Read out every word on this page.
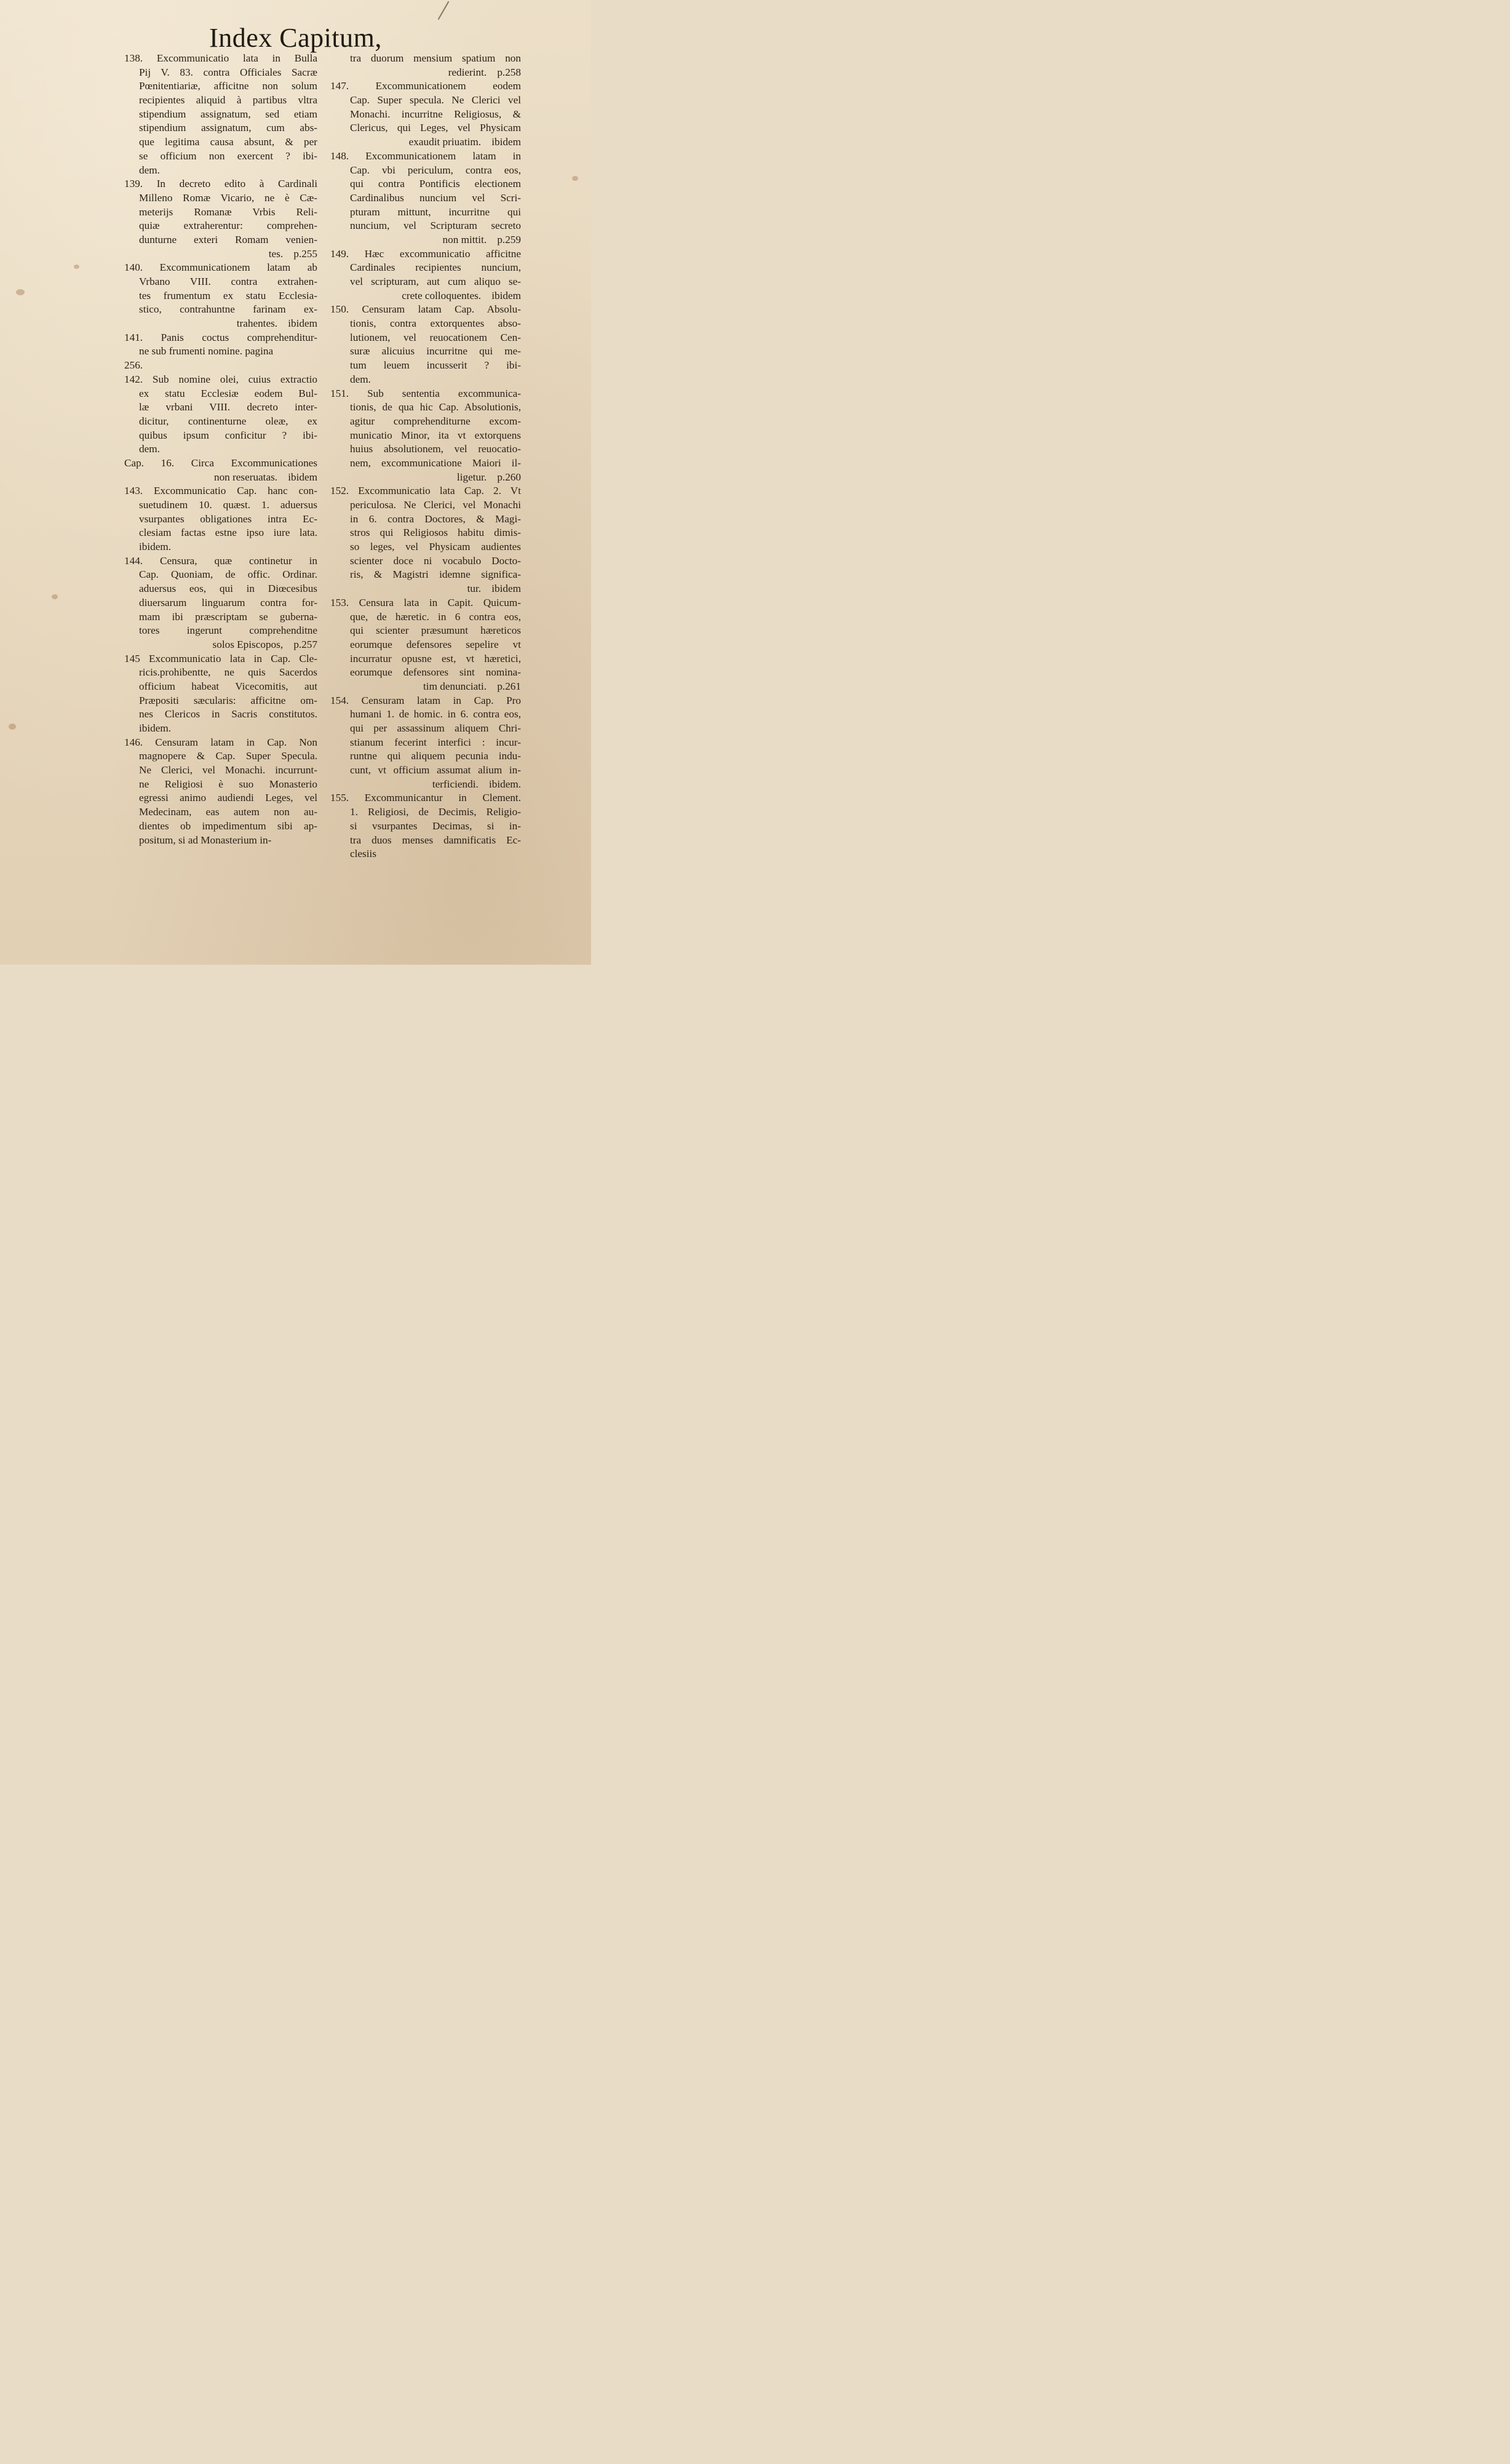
Index Capitum,
138. Excommunicatio lata in Bulla
Pij V. 83. contra Officiales Sacræ
Pœnitentiariæ, afficitne non solum
recipientes aliquid à partibus vltra
stipendium assignatum, sed etiam
stipendium assignatum, cum abs-
que legitima causa absunt, & per
se officium non exercent ? ibi-
dem.
139. In decreto edito à Cardinali
Milleno Romæ Vicario, ne è Cæ-
meterijs Romanæ Vrbis Reli-
quiæ extraherentur: comprehen-
dunturne exteri Romam venien-
tes. p.255
140. Excommunicationem latam ab
Vrbano VIII. contra extrahen-
tes frumentum ex statu Ecclesia-
stico, contrahuntne farinam ex-
trahentes. ibidem
141. Panis coctus comprehenditur-
ne sub frumenti nomine. pagina
256.
142. Sub nomine olei, cuius extractio
ex statu Ecclesiæ eodem Bul-
læ vrbani VIII. decreto inter-
dicitur, continenturne oleæ, ex
quibus ipsum conficitur ? ibi-
dem.
Cap. 16. Circa Excommunicationes
non reseruatas. ibidem
143. Excommunicatio Cap. hanc con-
suetudinem 10. quæst. 1. aduersus
vsurpantes obligationes intra Ec-
clesiam factas estne ipso iure lata.
ibidem.
144. Censura, quæ continetur in
Cap. Quoniam, de offic. Ordinar.
aduersus eos, qui in Diœcesibus
diuersarum linguarum contra for-
mam ibi præscriptam se guberna-
tores ingerunt comprehenditne
solos Episcopos, p.257
145 Excommunicatio lata in Cap. Cle-
ricis.prohibentte, ne quis Sacerdos
officium habeat Vicecomitis, aut
Præpositi sæcularis: afficitne om-
nes Clericos in Sacris constitutos.
ibidem.
146. Censuram latam in Cap. Non
magnopere & Cap. Super Specula.
Ne Clerici, vel Monachi. incurrunt-
ne Religiosi è suo Monasterio
egressi animo audiendi Leges, vel
Medecinam, eas autem non au-
dientes ob impedimentum sibi ap-
positum, si ad Monasterium in-
tra duorum mensium spatium non
redierint. p.258
147. Excommunicationem eodem
Cap. Super specula. Ne Clerici vel
Monachi. incurritne Religiosus, &
Clericus, qui Leges, vel Physicam
exaudit priuatim. ibidem
148. Excommunicationem latam in
Cap. vbi periculum, contra eos,
qui contra Pontificis electionem
Cardinalibus nuncium vel Scri-
pturam mittunt, incurritne qui
nuncium, vel Scripturam secreto
non mittit. p.259
149. Hæc excommunicatio afficitne
Cardinales recipientes nuncium,
vel scripturam, aut cum aliquo se-
crete colloquentes. ibidem
150. Censuram latam Cap. Absolu-
tionis, contra extorquentes abso-
lutionem, vel reuocationem Cen-
suræ alicuius incurritne qui me-
tum leuem incusserit ? ibi-
dem.
151. Sub sententia excommunica-
tionis, de qua hic Cap. Absolutionis,
agitur comprehenditurne excom-
municatio Minor, ita vt extorquens
huius absolutionem, vel reuocatio-
nem, excommunicatione Maiori il-
ligetur. p.260
152. Excommunicatio lata Cap. 2. Vt
periculosa. Ne Clerici, vel Monachi
in 6. contra Doctores, & Magi-
stros qui Religiosos habitu dimis-
so leges, vel Physicam audientes
scienter doce ni vocabulo Docto-
ris, & Magistri idemne significa-
tur. ibidem
153. Censura lata in Capit. Quicum-
que, de hæretic. in 6 contra eos,
qui scienter præsumunt hæreticos
eorumque defensores sepelire vt
incurratur opusne est, vt hæretici,
eorumque defensores sint nomina-
tim denunciati. p.261
154. Censuram latam in Cap. Pro
humani 1. de homic. in 6. contra eos,
qui per assassinum aliquem Chri-
stianum fecerint interfici : incur-
runtne qui aliquem pecunia indu-
cunt, vt officium assumat alium in-
terficiendi. ibidem.
155. Excommunicantur in Clement.
1. Religiosi, de Decimis, Religio-
si vsurpantes Decimas, si in-
tra duos menses damnificatis Ec-
clesiis
